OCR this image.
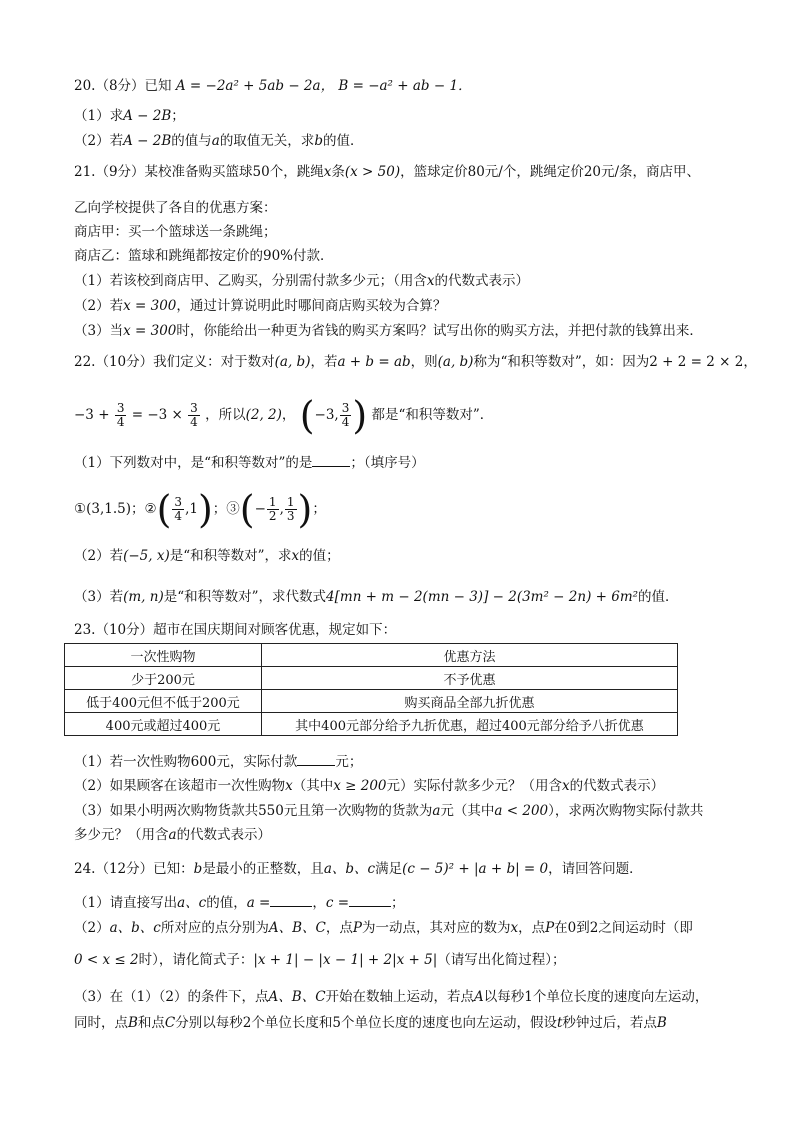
20.（8分）已知 A = −2a² + 5ab − 2a， B = −a² + ab − 1．
（1）求A − 2B；
（2）若A − 2B的值与a的取值无关，求b的值．
21.（9分）某校准备购买篮球50个，跳绳x条(x > 50)，篮球定价80元/个，跳绳定价20元/条，商店甲、
乙向学校提供了各自的优惠方案：
商店甲：买一个篮球送一条跳绳；
商店乙：篮球和跳绳都按定价的90%付款．
（1）若该校到商店甲、乙购买，分别需付款多少元；（用含x的代数式表示）
（2）若x = 300，通过计算说明此时哪间商店购买较为合算？
（3）当x = 300时，你能给出一种更为省钱的购买方案吗？试写出你的购买方法，并把付款的钱算出来．
22.（10分）我们定义：对于数对(a, b)，若a + b = ab，则(a, b)称为“和积等数对”，如：因为2 + 2 = 2 × 2，
$-3 + \frac{3}{4} = -3 \times \frac{3}{4}$ ，所以(2, 2)， (−3, $\frac{3}{4}$ ) 都是“和积等数对”．
（1）下列数对中，是“和积等数对”的是	；（填序号）
①(3,1.5)；②( $\frac{3}{4} ,1$)；③(− $\frac{1}{2}$ , $\frac{1}{3}$ )；
（2）若(−5, x)是“和积等数对”，求x的值；
（3）若(m, n)是“和积等数对”，求代数式4[mn + m − 2(mn − 3)] − 2(3m² − 2n) + 6m²的值．
23.（10分）超市在国庆期间对顾客优惠，规定如下：
一次性购物	优惠方法
少于200元	不予优惠
低于400元但不低于200元	购买商品全部九折优惠
400元或超过400元	其中400元部分给予九折优惠，超过400元部分给予八折优惠
（1）若一次性购物600元，实际付款	元；
（2）如果顾客在该超市一次性购物x（其中x ≥ 200元）实际付款多少元？（用含x的代数式表示）
（3）如果小明两次购物货款共550元且第一次购物的货款为a元（其中a < 200），求两次购物实际付款共
多少元？（用含a的代数式表示）
24.（12分）已知：b是最小的正整数，且a、b、c满足(c − 5)² + |a + b| = 0，请回答问题．
（1）请直接写出a、c的值，a =	，c =	；
（2）a、b、c所对应的点分别为A、B、C，点P为一动点，其对应的数为x，点P在0到2之间运动时（即
0 < x ≤ 2时），请化简式子：|x + 1| − |x − 1| + 2|x + 5|（请写出化简过程）；
（3）在（1）（2）的条件下，点A、B、C开始在数轴上运动，若点A以每秒1个单位长度的速度向左运动，
同时，点B和点C分别以每秒2个单位长度和5个单位长度的速度也向左运动，假设t秒钟过后，若点B
